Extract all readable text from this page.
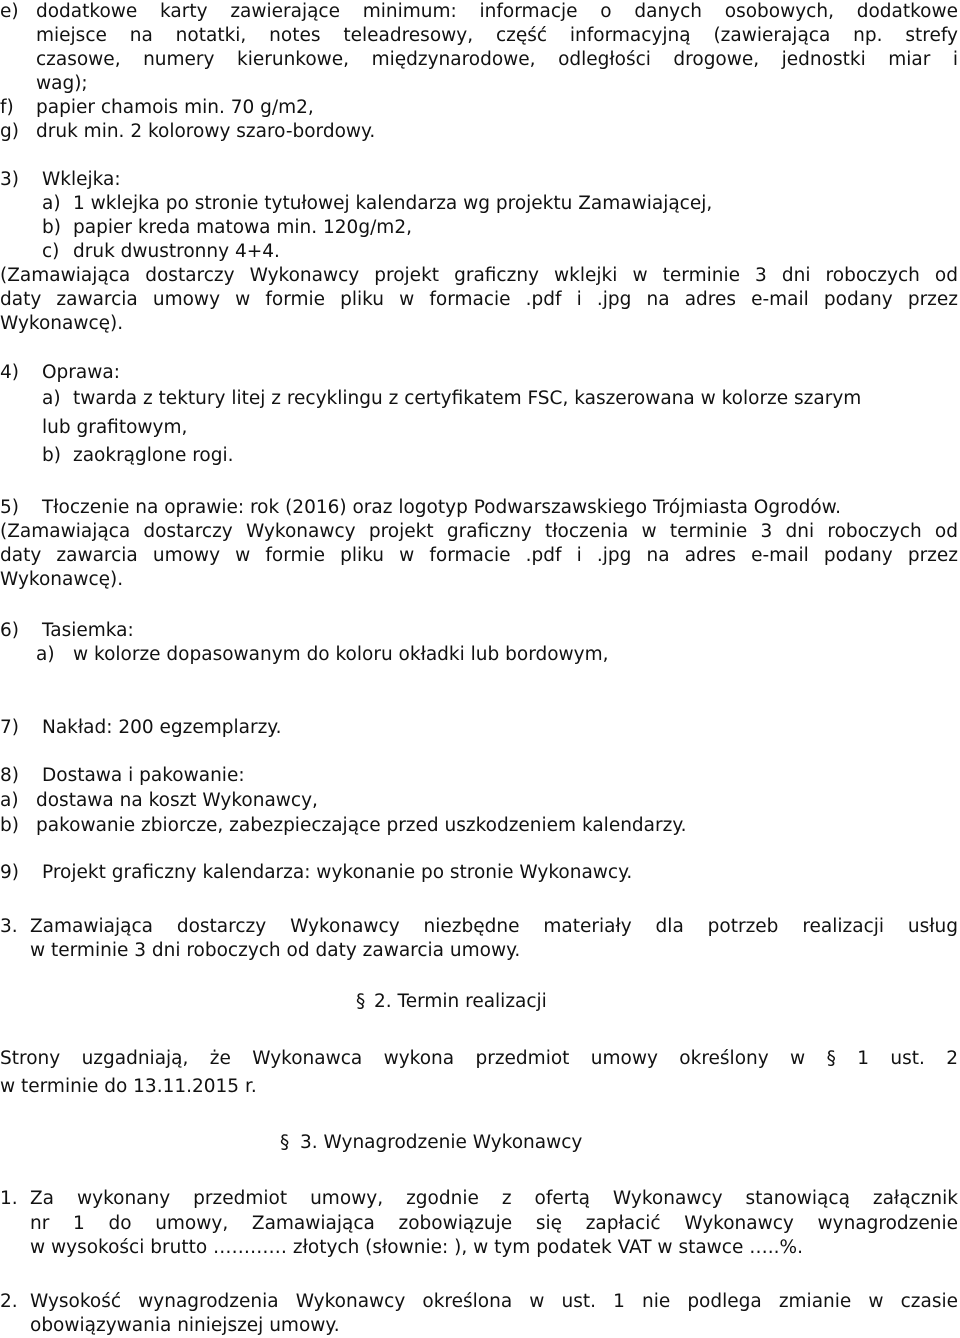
e) dodatkowe karty zawierające minimum: informacje o danych osobowych, dodatkowe
miejsce na notatki, notes teleadresowy, część informacyjną (zawierająca np. strefy
czasowe, numery kierunkowe, międzynarodowe, odległości drogowe, jednostki miar i
wag);
f) papier chamois min. 70 g/m2,
g) druk min. 2 kolorowy szaro-bordowy.
3) Wklejka:
a) 1 wklejka po stronie tytułowej kalendarza wg projektu Zamawiającej,
b) papier kreda matowa min. 120g/m2,
c) druk dwustronny 4+4.
(Zamawiająca dostarczy Wykonawcy projekt graficzny wklejki w terminie 3 dni roboczych od
daty zawarcia umowy w formie pliku w formacie .pdf i .jpg na adres e-mail podany przez
Wykonawcę).
4) Oprawa:
a) twarda z tektury litej z recyklingu z certyfikatem FSC, kaszerowana w kolorze szarym
lub grafitowym,
b) zaokrąglone rogi.
5) Tłoczenie na oprawie: rok (2016) oraz logotyp Podwarszawskiego Trójmiasta Ogrodów.
(Zamawiająca dostarczy Wykonawcy projekt graficzny tłoczenia w terminie 3 dni roboczych od
daty zawarcia umowy w formie pliku w formacie .pdf i .jpg na adres e-mail podany przez
Wykonawcę).
6) Tasiemka:
a) w kolorze dopasowanym do koloru okładki lub bordowym,
7) Nakład: 200 egzemplarzy.
8) Dostawa i pakowanie:
a) dostawa na koszt Wykonawcy,
b) pakowanie zbiorcze, zabezpieczające przed uszkodzeniem kalendarzy.
9) Projekt graficzny kalendarza: wykonanie po stronie Wykonawcy.
3. Zamawiająca dostarczy Wykonawcy niezbędne materiały dla potrzeb realizacji usług
w terminie 3 dni roboczych od daty zawarcia umowy.
§ 2. Termin realizacji
Strony uzgadniają, że Wykonawca wykona przedmiot umowy określony w § 1 ust. 2
w terminie do 13.11.2015 r.
§ 3. Wynagrodzenie Wykonawcy
1. Za wykonany przedmiot umowy, zgodnie z ofertą Wykonawcy stanowiącą załącznik
nr 1 do umowy, Zamawiająca zobowiązuje się zapłacić Wykonawcy wynagrodzenie
w wysokości brutto ………… złotych (słownie: ), w tym podatek VAT w stawce …..%.
2. Wysokość wynagrodzenia Wykonawcy określona w ust. 1 nie podlega zmianie w czasie
obowiązywania niniejszej umowy.
